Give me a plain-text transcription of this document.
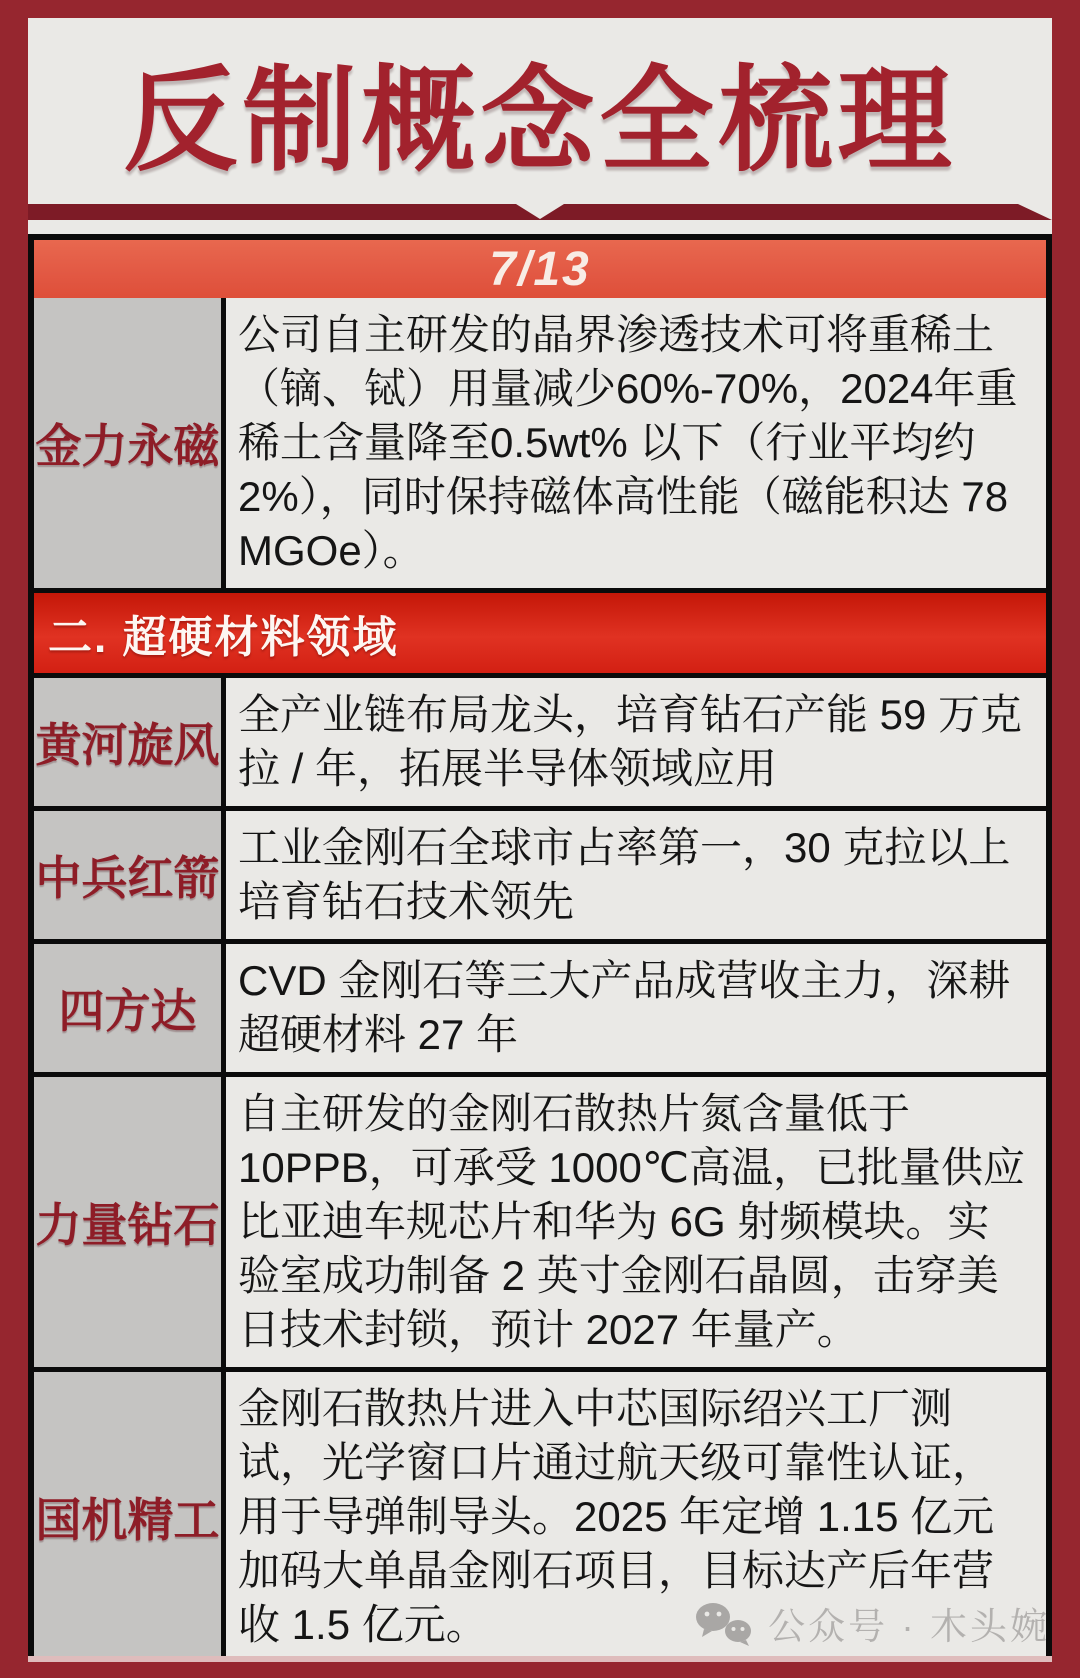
反制概念全梳理
7/13
金力永磁
公司自主研发的晶界渗透技术可将重稀土（镝、铽）用量减少60%-70%，2024年重稀土含量降至0.5wt% 以下（行业平均约 2%），同时保持磁体高性能（磁能积达 78 MGOe）。
二. 超硬材料领域
黄河旋风
全产业链布局龙头，培育钻石产能 59 万克拉 / 年，拓展半导体领域应用
中兵红箭
工业金刚石全球市占率第一，30 克拉以上培育钻石技术领先
四方达
CVD 金刚石等三大产品成营收主力，深耕超硬材料 27 年
力量钻石
自主研发的金刚石散热片氮含量低于10PPB，可承受 1000℃高温，已批量供应比亚迪车规芯片和华为 6G 射频模块。实验室成功制备 2 英寸金刚石晶圆，击穿美日技术封锁，预计 2027 年量产。
国机精工
金刚石散热片进入中芯国际绍兴工厂测试，光学窗口片通过航天级可靠性认证，用于导弹制导头。2025 年定增 1.15 亿元加码大单晶金刚石项目，目标达产后年营收 1.5 亿元。	公众号 · 木头婉
